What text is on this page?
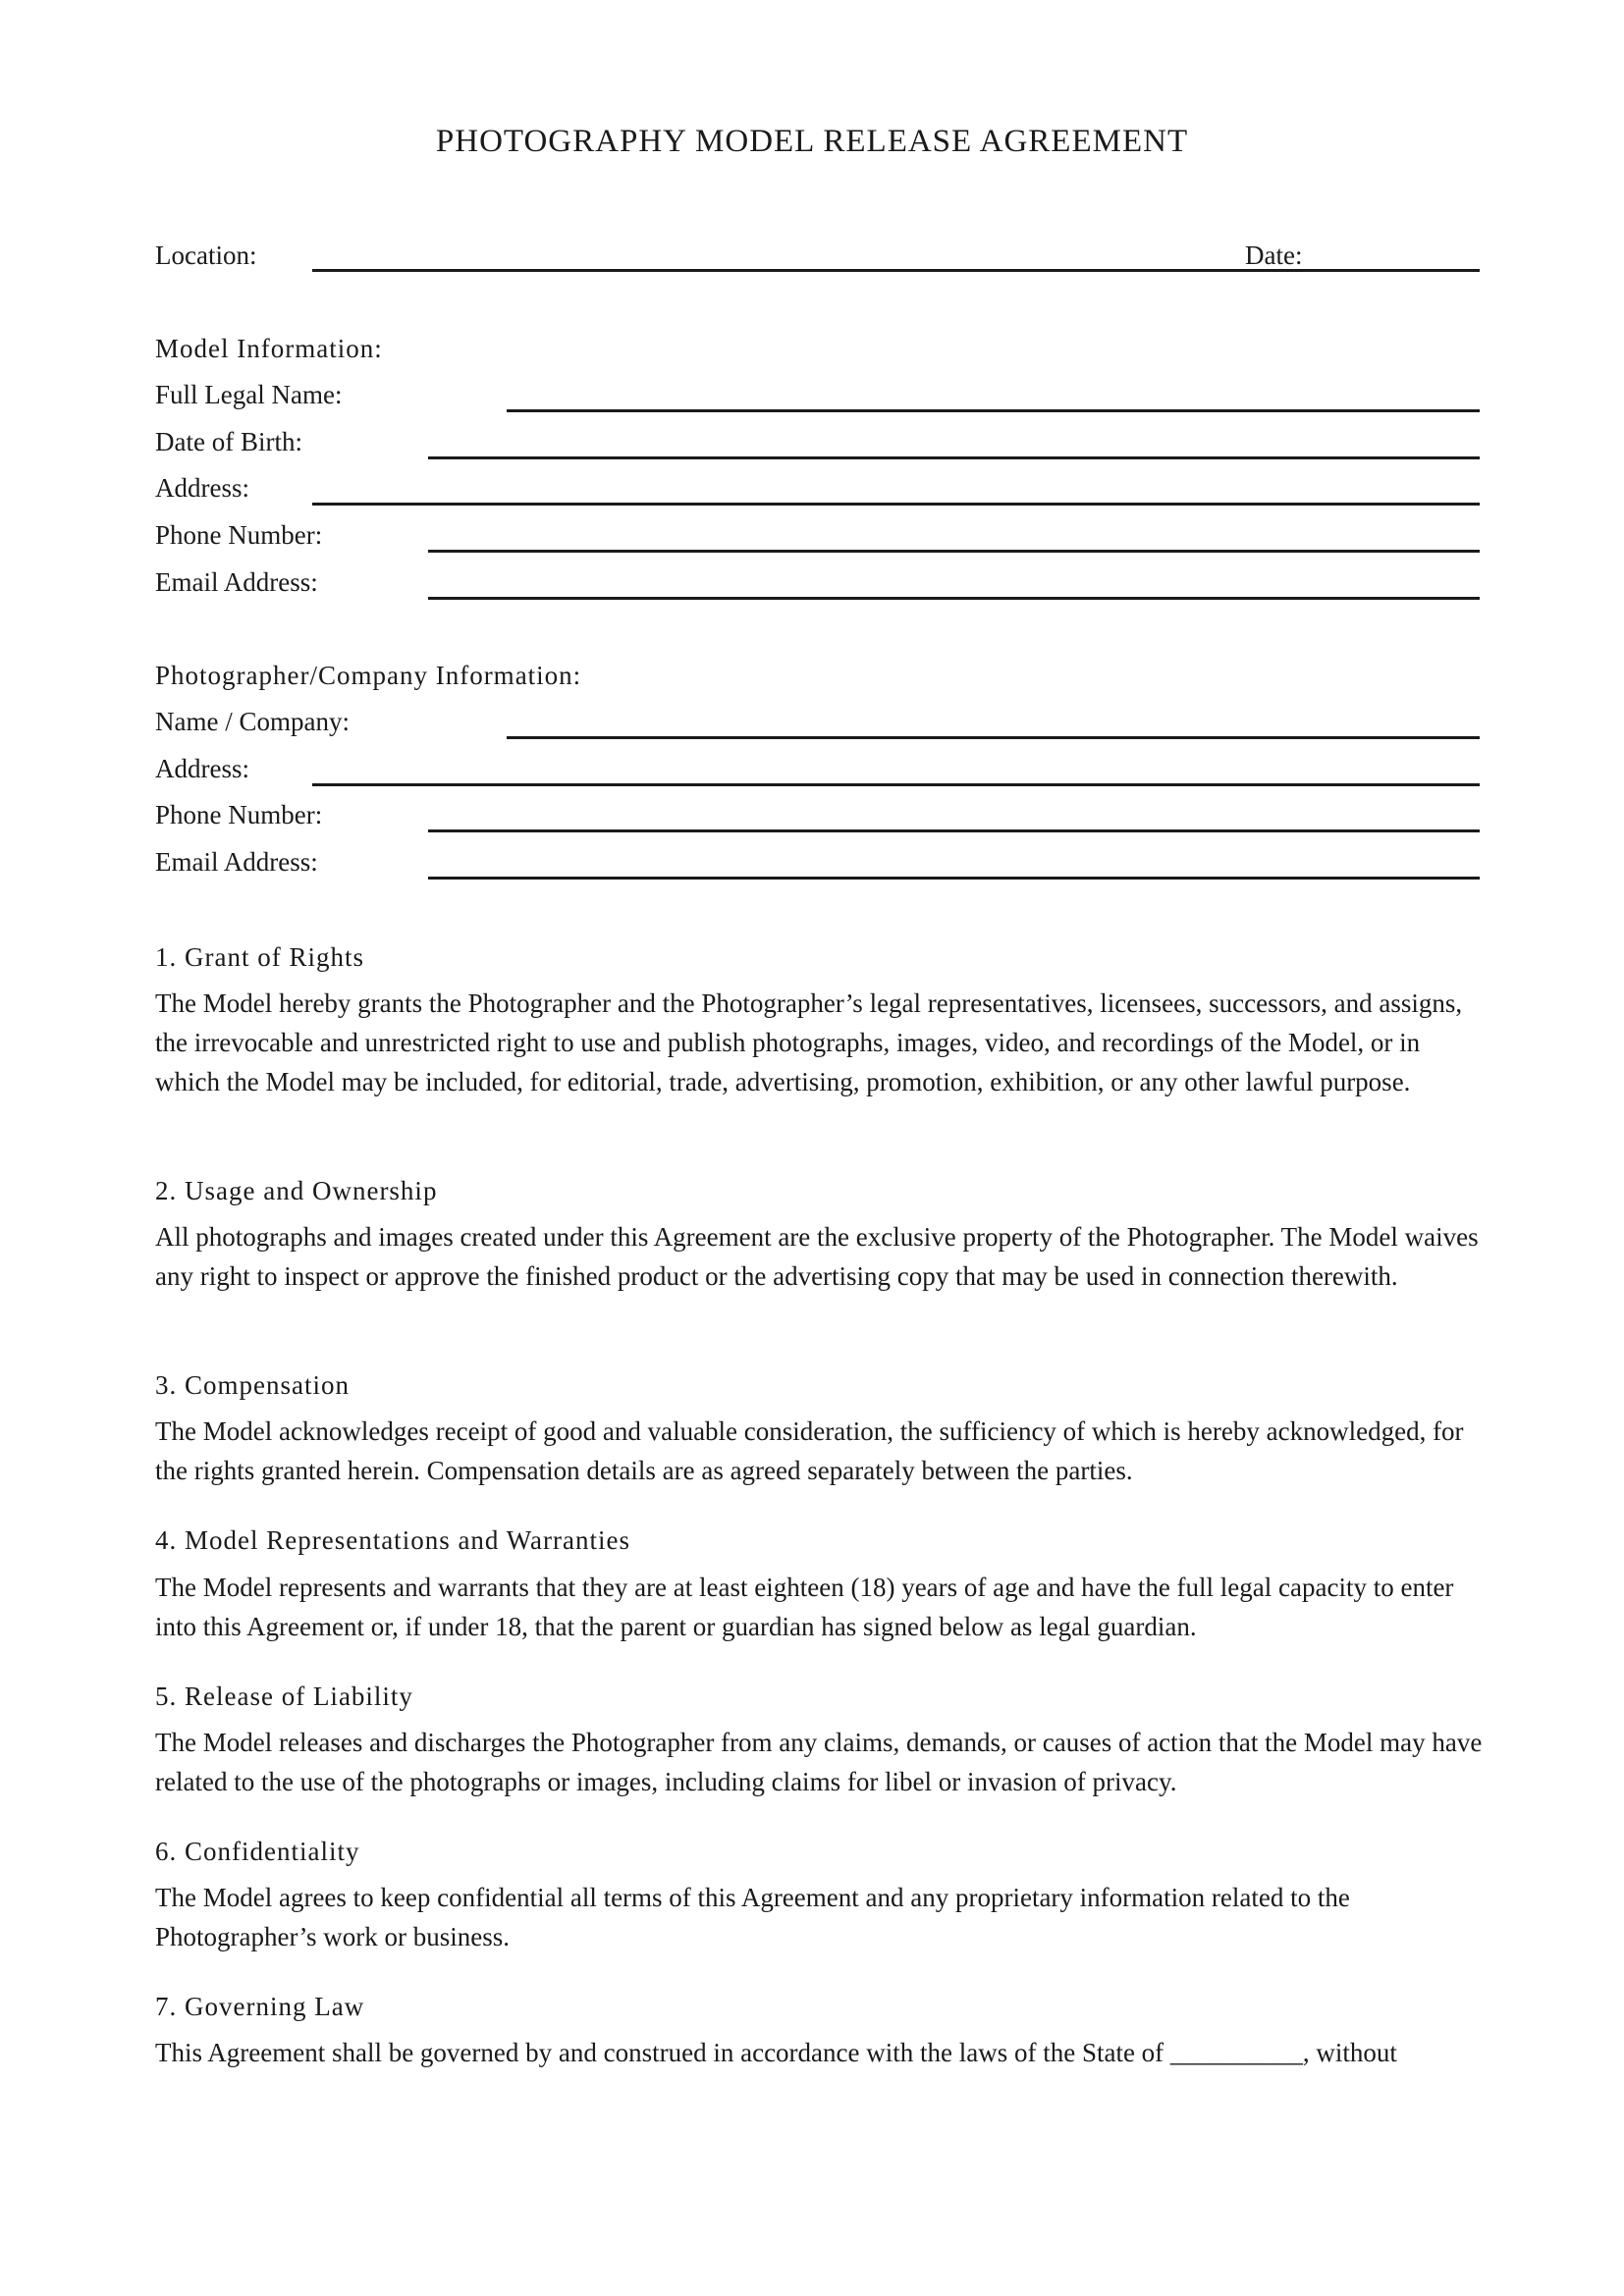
PHOTOGRAPHY MODEL RELEASE AGREEMENT
Location:	Date:
Model Information:
Full Legal Name:
Date of Birth:
Address:
Phone Number:
Email Address:
Photographer/Company Information:
Name / Company:
Address:
Phone Number:
Email Address:
1. Grant of Rights

The Model hereby grants the Photographer and the Photographer’s legal representatives, licensees, successors, and assigns, the irrevocable and unrestricted right to use and publish photographs, images, video, and recordings of the Model, or in which the Model may be included, for editorial, trade, advertising, promotion, exhibition, or any other lawful purpose.

2. Usage and Ownership

All photographs and images created under this Agreement are the exclusive property of the Photographer. The Model waives any right to inspect or approve the finished product or the advertising copy that may be used in connection therewith.

3. Compensation

The Model acknowledges receipt of good and valuable consideration, the sufficiency of which is hereby acknowledged, for the rights granted herein. Compensation details are as agreed separately between the parties.

4. Model Representations and Warranties

The Model represents and warrants that they are at least eighteen (18) years of age and have the full legal capacity to enter into this Agreement or, if under 18, that the parent or guardian has signed below as legal guardian.

5. Release of Liability

The Model releases and discharges the Photographer from any claims, demands, or causes of action that the Model may have related to the use of the photographs or images, including claims for libel or invasion of privacy.

6. Confidentiality

The Model agrees to keep confidential all terms of this Agreement and any proprietary information related to the Photographer’s work or business.

7. Governing Law

This Agreement shall be governed by and construed in accordance with the laws of the State of __________, without
